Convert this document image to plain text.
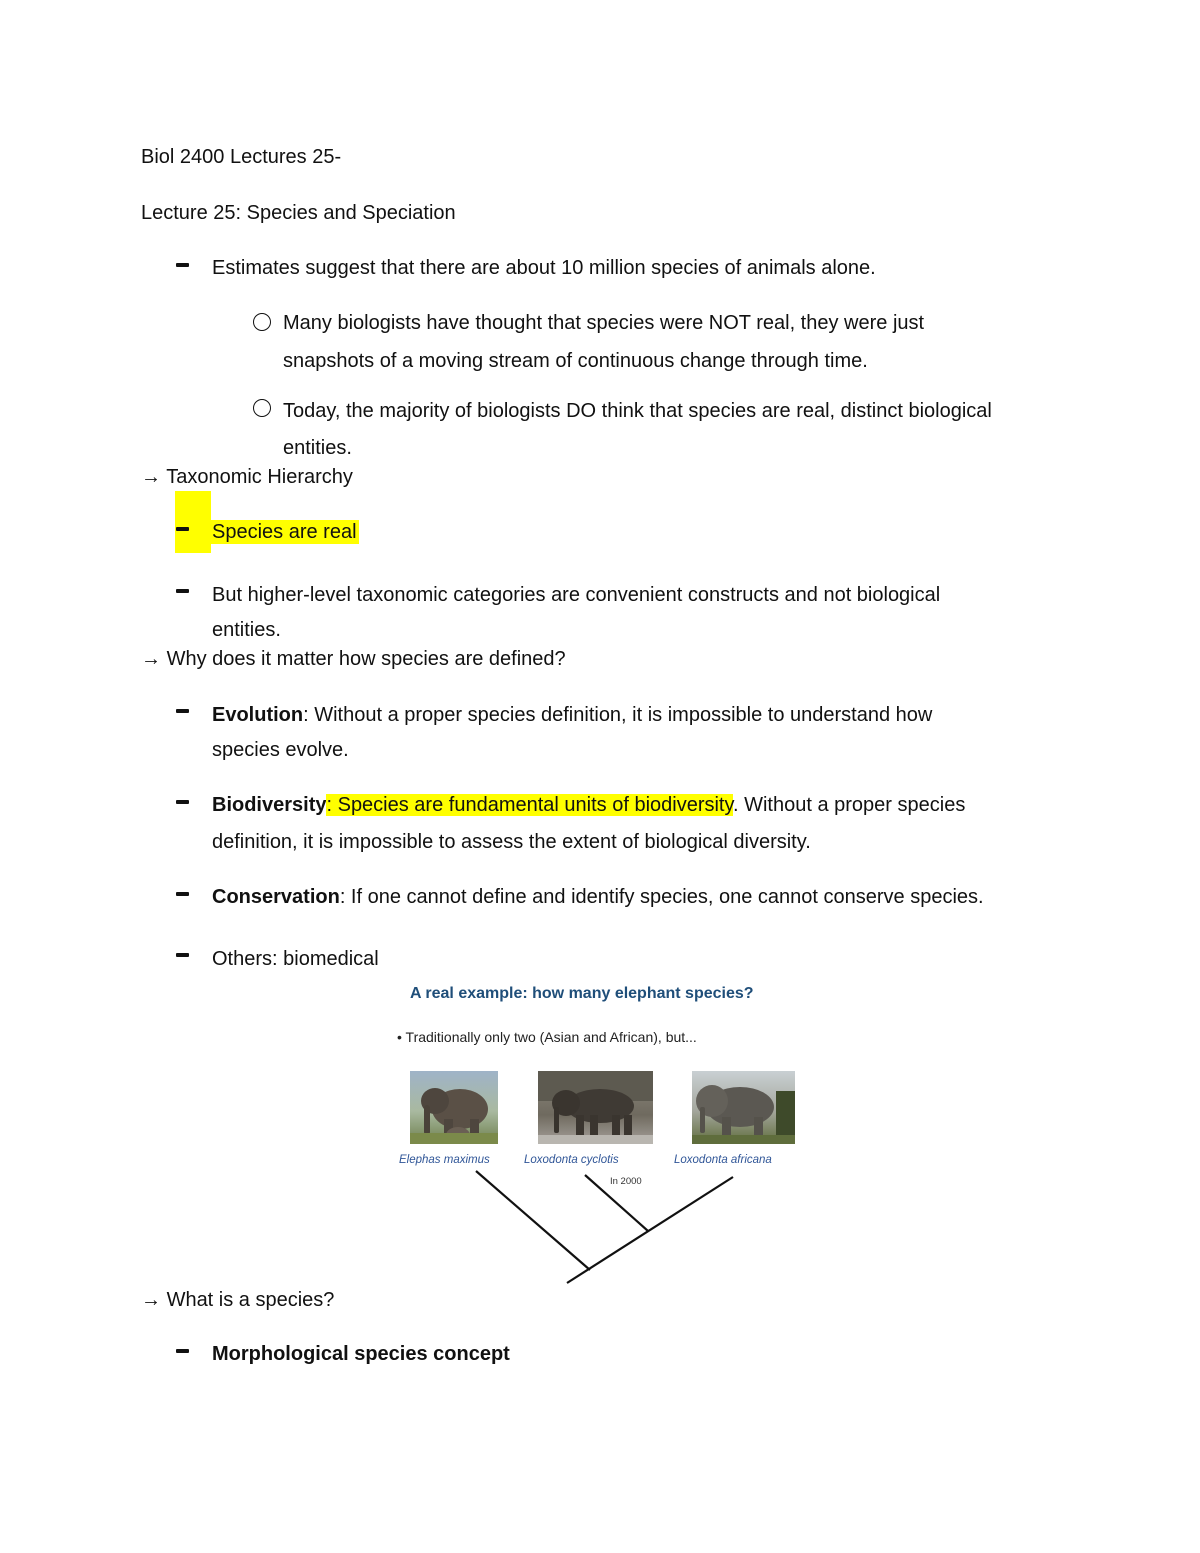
Biol 2400 Lectures 25-
Lecture 25: Species and Speciation
Estimates suggest that there are about 10 million species of animals alone.
Many biologists have thought that species were NOT real, they were just
snapshots of a moving stream of continuous change through time.
Today, the majority of biologists DO think that species are real, distinct biological
entities.
→ Taxonomic Hierarchy
Species are real
But higher-level taxonomic categories are convenient constructs and not biological
entities.
→ Why does it matter how species are defined?
Evolution: Without a proper species definition, it is impossible to understand how
species evolve.
Biodiversity: Species are fundamental units of biodiversity. Without a proper species
definition, it is impossible to assess the extent of biological diversity.
Conservation: If one cannot define and identify species, one cannot conserve species.
Others: biomedical
A real example: how many elephant species?
• Traditionally only two (Asian and African), but...
Elephas maximus	Loxodonta cyclotis	Loxodonta africana
In 2000
→ What is a species?
Morphological species concept
